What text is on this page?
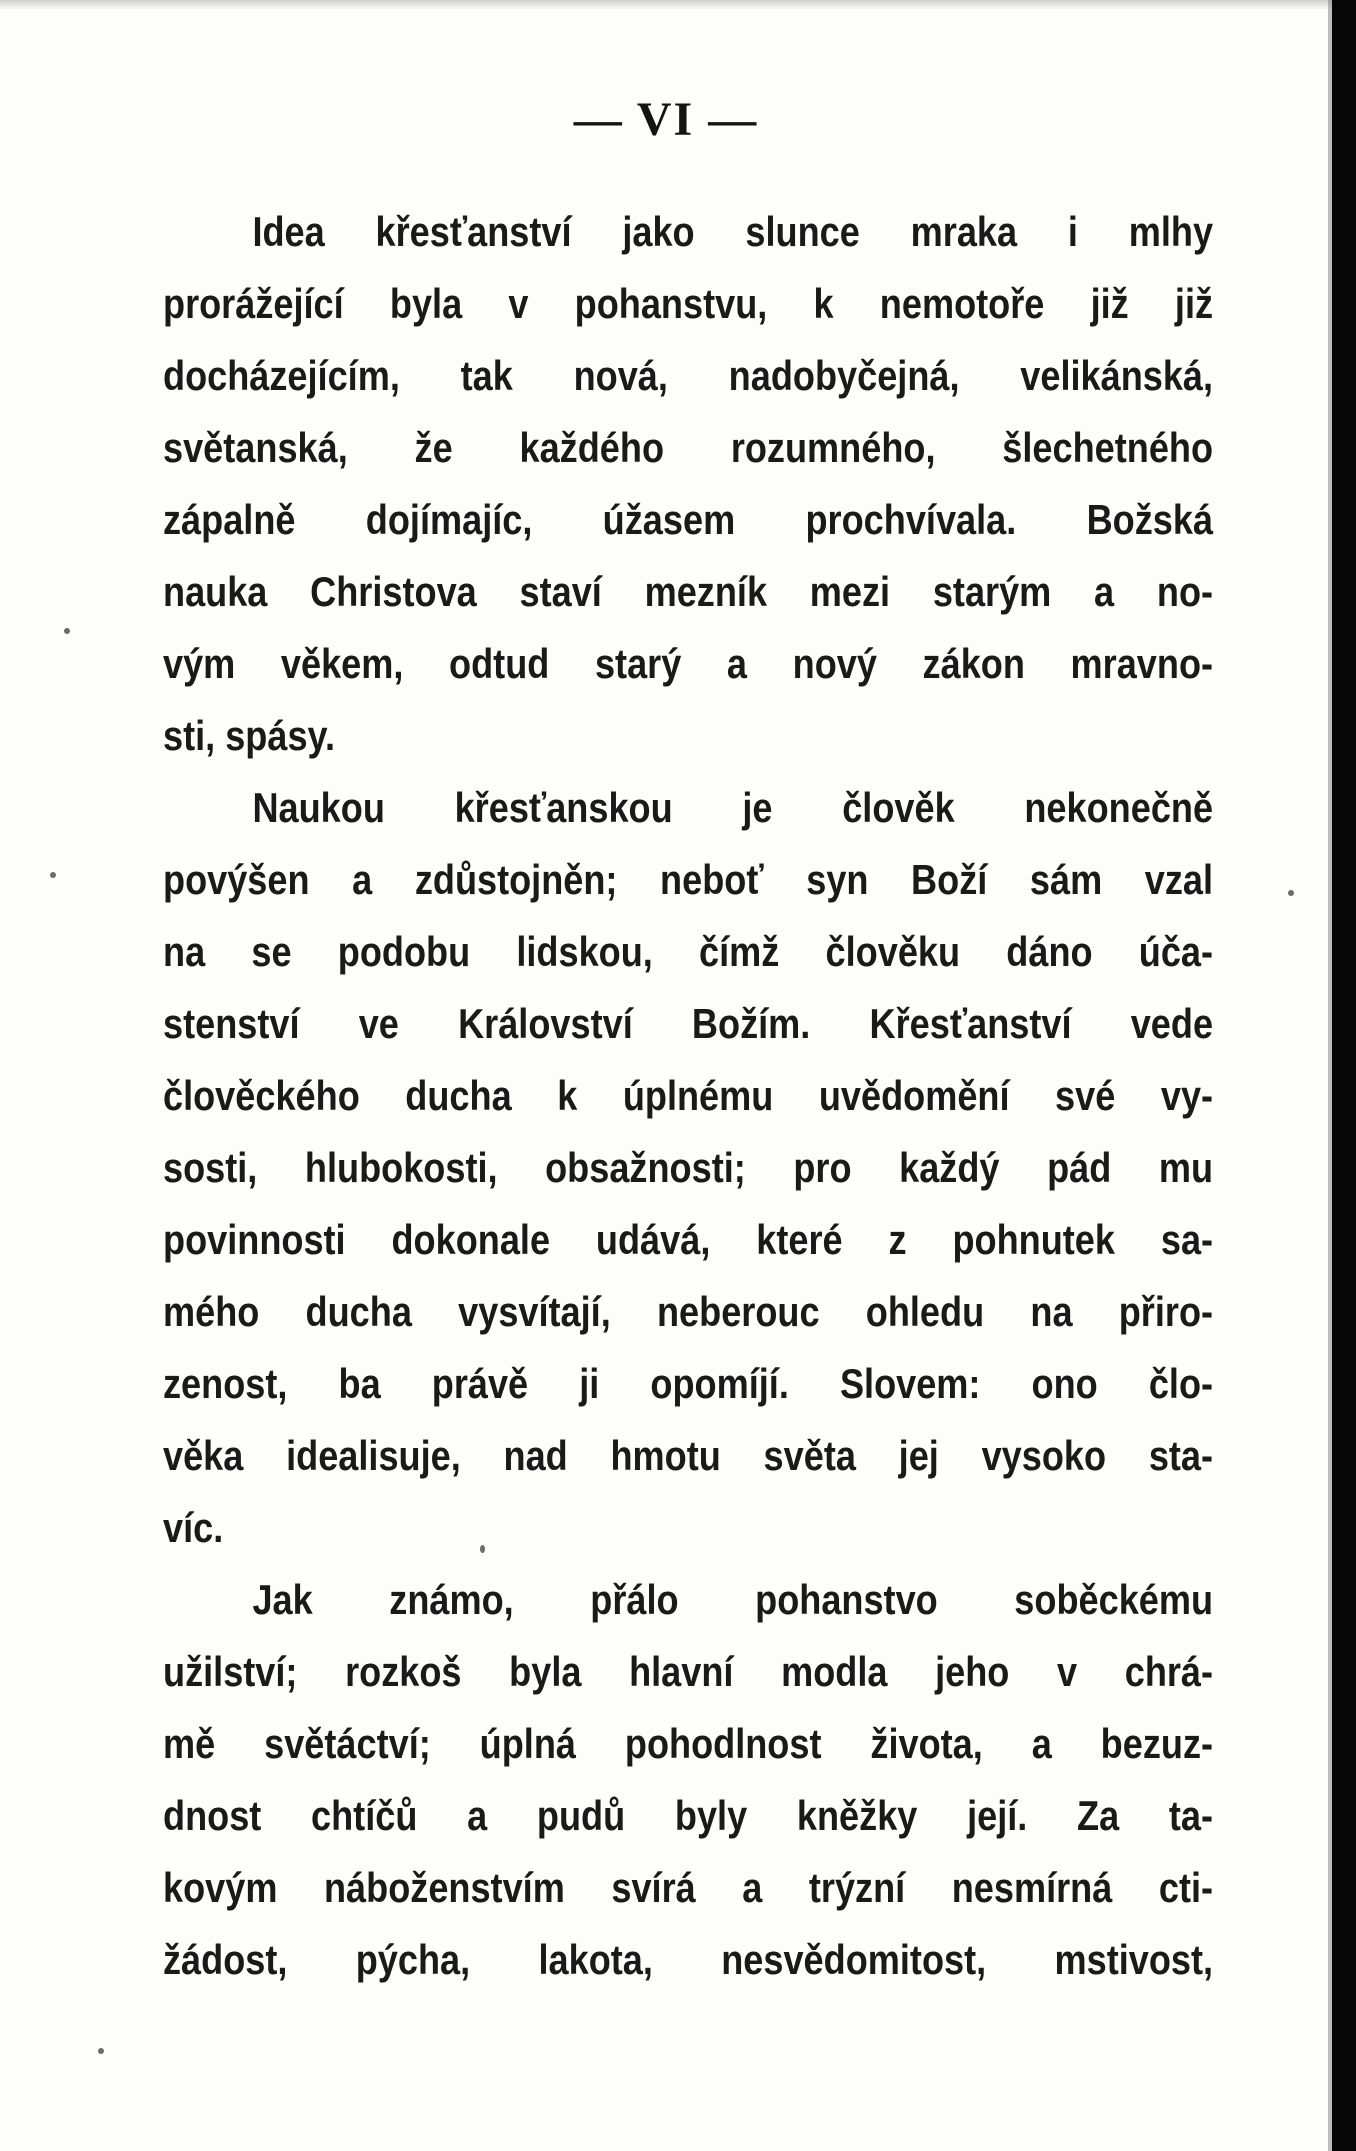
— VI —
Idea křesťanství jako slunce mraka i mlhy
prorážející byla v pohanstvu, k nemotoře již již
docházejícím, tak nová, nadobyčejná, velikánská,
světanská, že každého rozumného, šlechetného
zápalně dojímajíc, úžasem prochvívala. Božská
nauka Christova staví mezník mezi starým a no-
vým věkem, odtud starý a nový zákon mravno-
sti, spásy.
Naukou křesťanskou je člověk nekonečně
povýšen a zdůstojněn; neboť syn Boží sám vzal
na se podobu lidskou, čímž člověku dáno úča-
stenství ve Království Božím. Křesťanství vede
člověckého ducha k úplnému uvědomění své vy-
sosti, hlubokosti, obsažnosti; pro každý pád mu
povinnosti dokonale udává, které z pohnutek sa-
mého ducha vysvítají, neberouc ohledu na přiro-
zenost, ba právě ji opomíjí. Slovem: ono člo-
věka idealisuje, nad hmotu světa jej vysoko sta-
víc.
Jak známo, přálo pohanstvo soběckému
užilství; rozkoš byla hlavní modla jeho v chrá-
mě světáctví; úplná pohodlnost života, a bezuz-
dnost chtíčů a pudů byly kněžky její. Za ta-
kovým náboženstvím svírá a trýzní nesmírná cti-
žádost, pýcha, lakota, nesvědomitost, mstivost,
